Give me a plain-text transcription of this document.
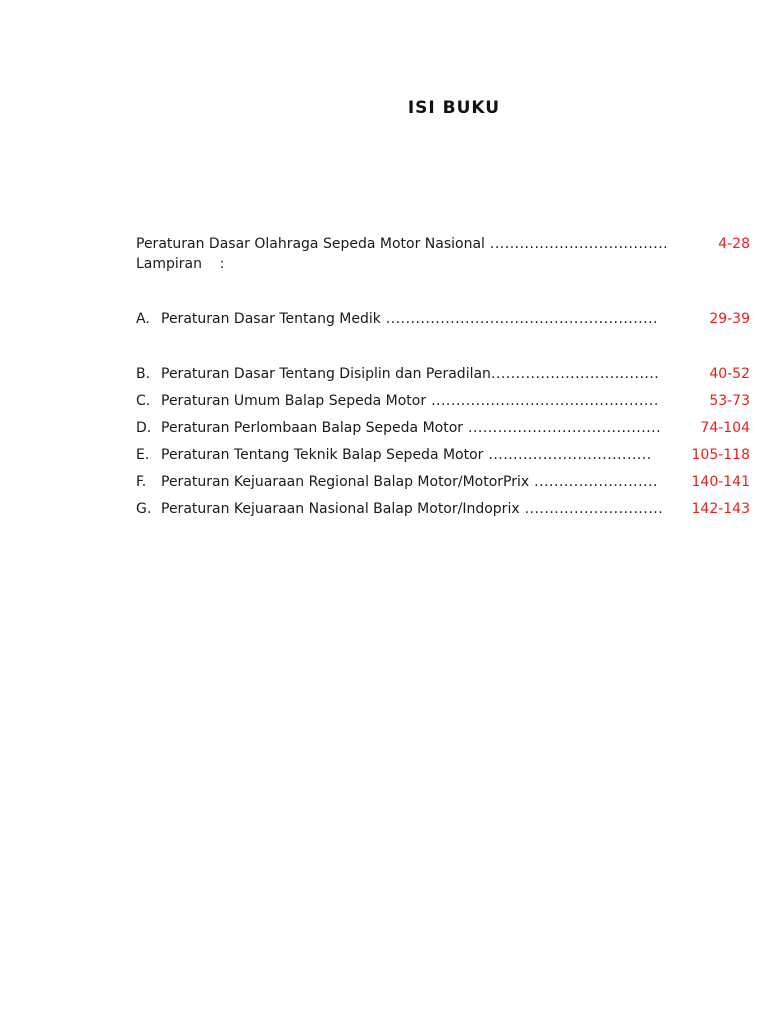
ISI BUKU
Peraturan Dasar Olahraga Sepeda Motor Nasional ....................................	4-28
Lampiran    :
A. Peraturan Dasar Tentang Medik .......................................................	29-39
B. Peraturan Dasar Tentang Disiplin dan Peradilan..................................	40-52
C. Peraturan Umum Balap Sepeda Motor ..............................................	53-73
D. Peraturan Perlombaan Balap Sepeda Motor .......................................	74-104
E. Peraturan Tentang Teknik Balap Sepeda Motor .................................	105-118
F. Peraturan Kejuaraan Regional Balap Motor/MotorPrix .........................	140-141
G. Peraturan Kejuaraan Nasional Balap Motor/Indoprix ............................	142-143
